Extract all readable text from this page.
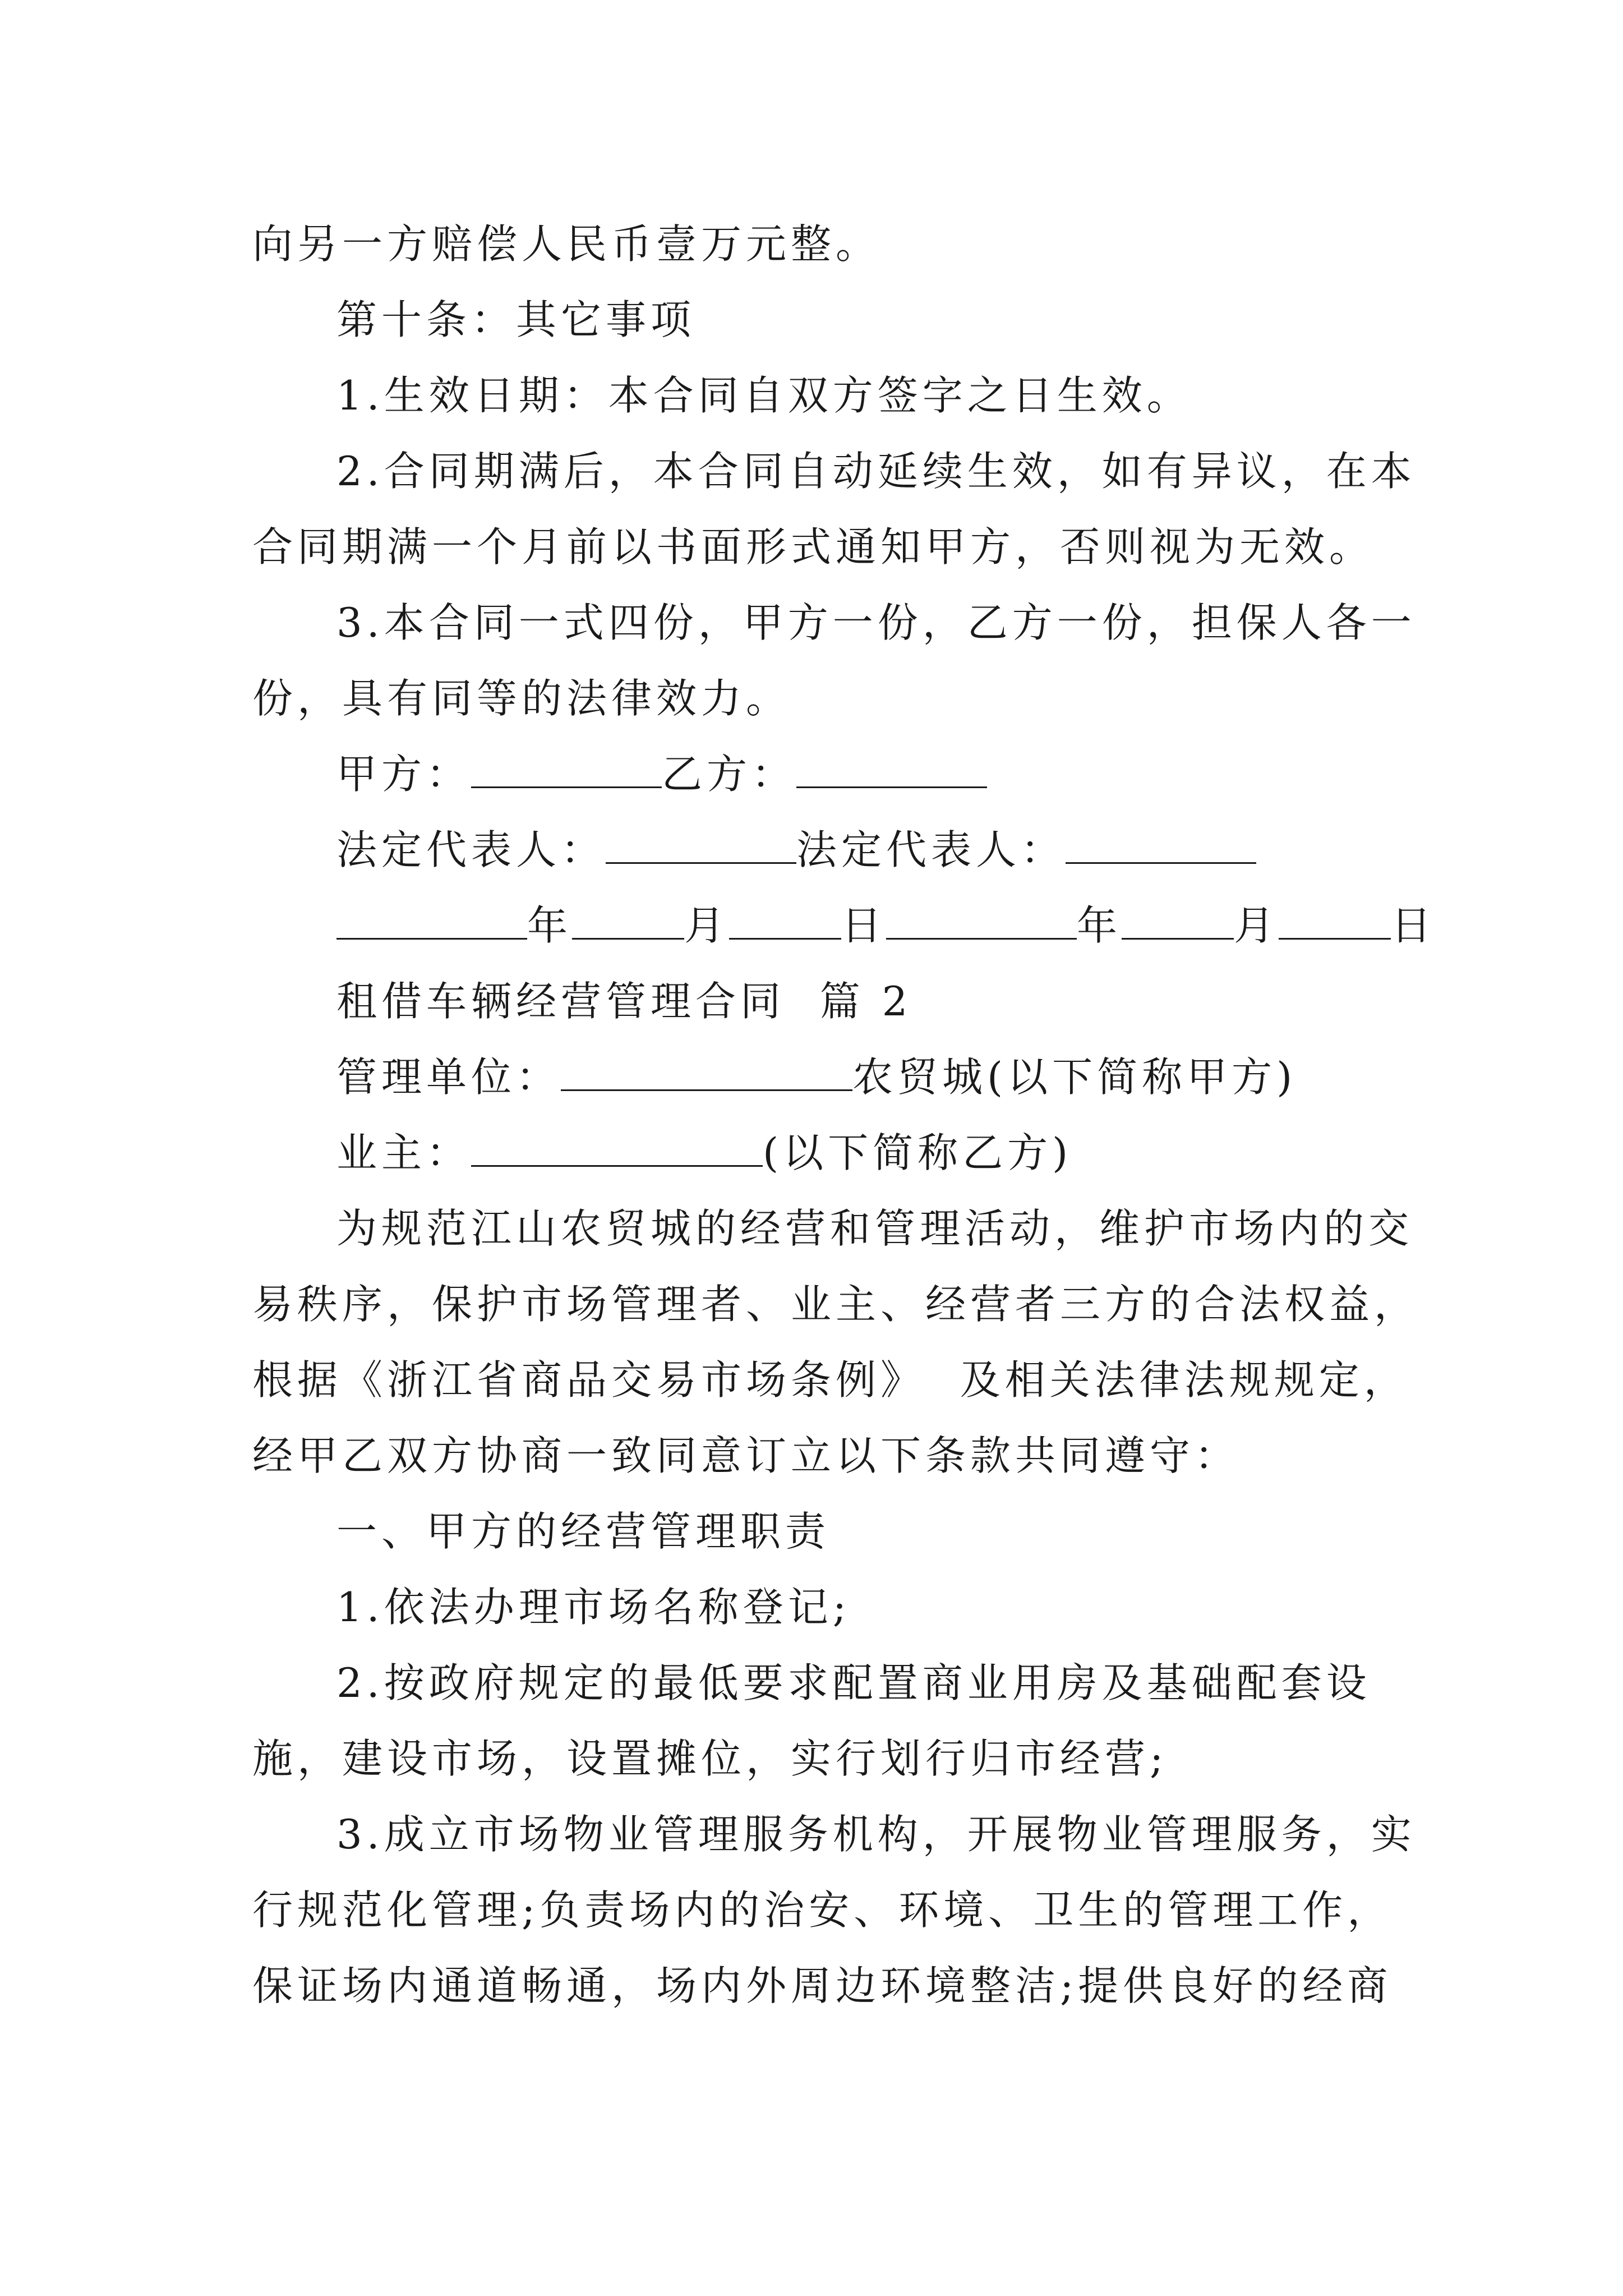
向另一方赔偿人民币壹万元整。
第十条：其它事项
1.生效日期：本合同自双方签字之日生效。
2.合同期满后，本合同自动延续生效，如有异议，在本
合同期满一个月前以书面形式通知甲方，否则视为无效。
3.本合同一式四份，甲方一份，乙方一份，担保人各一
份，具有同等的法律效力。
甲方：	乙方：
法定代表人：	法定代表人：
年	月	日	年	月	日
租借车辆经营管理合同  篇 2
管理单位：	农贸城(以下简称甲方)
业主：	(以下简称乙方)
为规范江山农贸城的经营和管理活动，维护市场内的交
易秩序，保护市场管理者、业主、经营者三方的合法权益，
根据《浙江省商品交易市场条例》  及相关法律法规规定，
经甲乙双方协商一致同意订立以下条款共同遵守：
一、甲方的经营管理职责
1.依法办理市场名称登记;
2.按政府规定的最低要求配置商业用房及基础配套设
施，建设市场，设置摊位，实行划行归市经营;
3.成立市场物业管理服务机构，开展物业管理服务，实
行规范化管理;负责场内的治安、环境、卫生的管理工作，
保证场内通道畅通，场内外周边环境整洁;提供良好的经商
